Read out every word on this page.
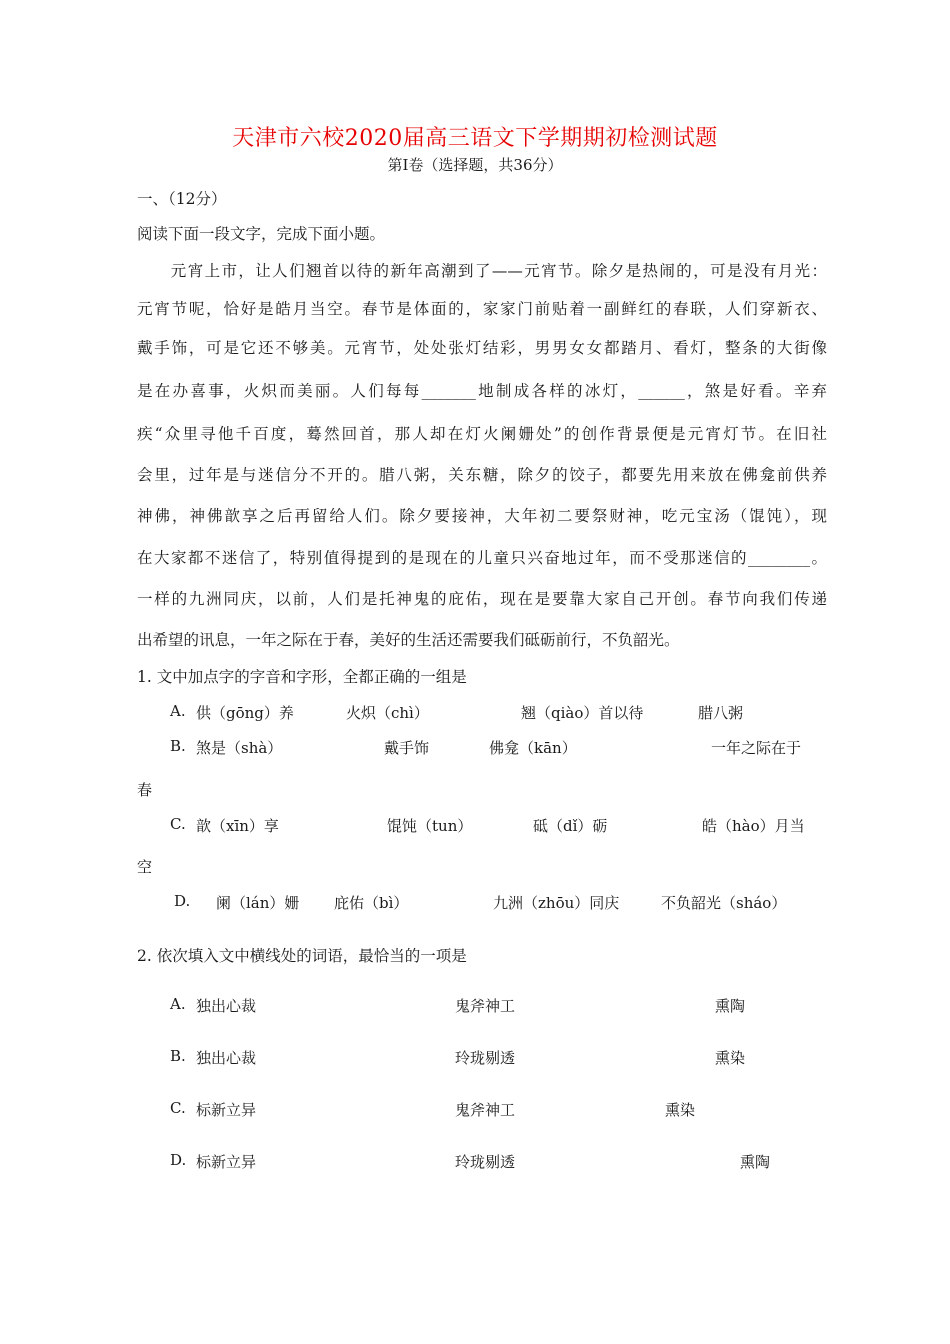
天津市六校2020届高三语文下学期期初检测试题
第Ⅰ卷（选择题，共36分）
一、（12分）
阅读下面一段文字，完成下面小题。
　　元宵上市，让人们翘首以待的新年高潮到了——元宵节。除夕是热闹的，可是没有月光：
元宵节呢，恰好是皓月当空。春节是体面的，家家门前贴着一副鲜红的春联，人们穿新衣、
戴手饰，可是它还不够美。元宵节，处处张灯结彩，男男女女都踏月、看灯，整条的大街像
是在办喜事，火炽而美丽。人们每每_______地制成各样的冰灯，______，煞是好看。辛弃
疾“众里寻他千百度，蓦然回首，那人却在灯火阑姗处”的创作背景便是元宵灯节。在旧社
会里，过年是与迷信分不开的。腊八粥，关东糖，除夕的饺子，都要先用来放在佛龛前供养
神佛，神佛歆享之后再留给人们。除夕要接神，大年初二要祭财神，吃元宝汤（馄饨），现
在大家都不迷信了，特别值得提到的是现在的儿童只兴奋地过年，而不受那迷信的________。
一样的九洲同庆，以前，人们是托神鬼的庇佑，现在是要靠大家自己开创。春节向我们传递
出希望的讯息，一年之际在于春，美好的生活还需要我们砥砺前行，不负韶光。
1. 文中加点字的字音和字形，全都正确的一组是
A. 供（gōng）养	火炽（chì）	翘（qiào）首以待	腊八粥
B. 煞是（shà）	戴手饰	佛龛（kān）	一年之际在于
春
C. 歆（xīn）享	馄饨（tun）	砥（dǐ）砺	皓（hào）月当
空
D. 阑（lán）姗 庇佑（bì）	九洲（zhōu）同庆	不负韶光（sháo）
2. 依次填入文中横线处的词语，最恰当的一项是
A. 独出心裁	鬼斧神工	熏陶
B. 独出心裁	玲珑剔透	熏染
C. 标新立异	鬼斧神工	熏染
D. 标新立异	玲珑剔透	熏陶
